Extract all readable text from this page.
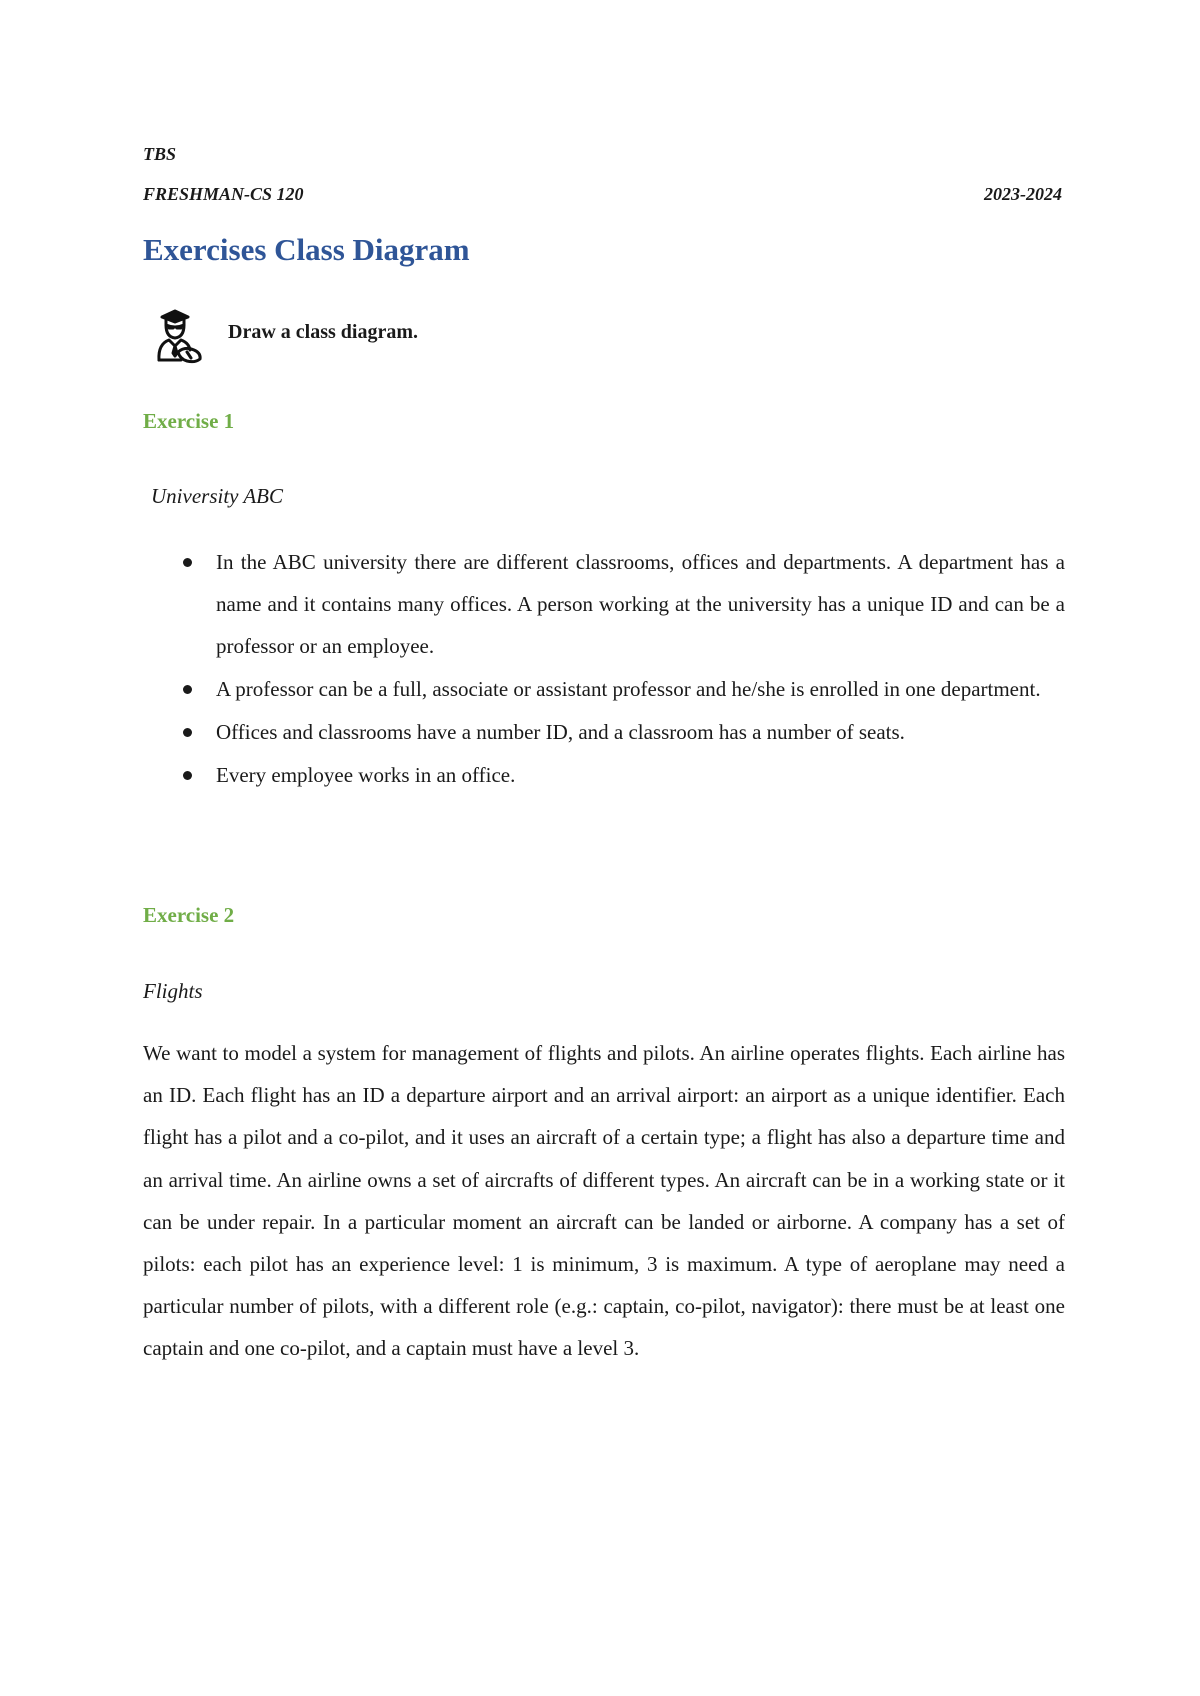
TBS
FRESHMAN-CS 120	2023-2024
Exercises Class Diagram
Draw a class diagram.
Exercise 1
University ABC
In the ABC university there are different classrooms, offices and departments. A department has a name and it contains many offices. A person working at the university has a unique ID and can be a professor or an employee.
A professor can be a full, associate or assistant professor and he/she is enrolled in one department.
Offices and classrooms have a number ID, and a classroom has a number of seats.
Every employee works in an office.
Exercise 2
Flights

We want to model a system for management of flights and pilots. An airline operates flights. Each airline has an ID. Each flight has an ID a departure airport and an arrival airport: an airport as a unique identifier. Each flight has a pilot and a co-pilot, and it uses an aircraft of a certain type; a flight has also a departure time and an arrival time. An airline owns a set of aircrafts of different types. An aircraft can be in a working state or it can be under repair. In a particular moment an aircraft can be landed or airborne. A company has a set of pilots: each pilot has an experience level: 1 is minimum, 3 is maximum. A type of aeroplane may need a particular number of pilots, with a different role (e.g.: captain, co-pilot, navigator): there must be at least one captain and one co-pilot, and a captain must have a level 3.
